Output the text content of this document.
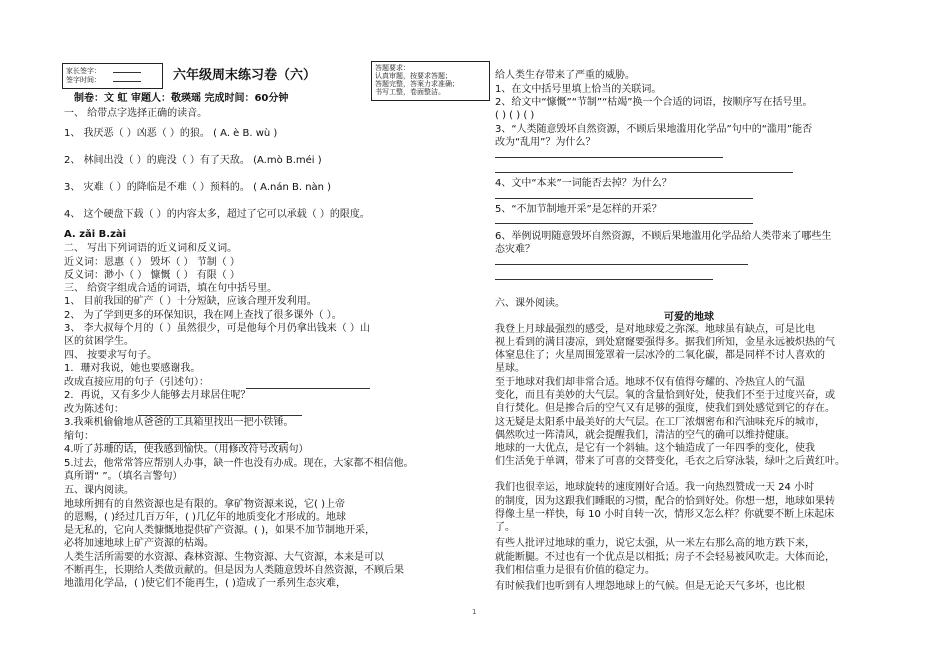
家长签字：
签字时间：	六年级周末练习卷（六）
制卷：文 虹 审题人：敬瑛瑶 完成时间：60分钟
答题要求：
认真审题，按要求答题；
答题完整，答案力求准确；
书写工整，卷面整洁。
一、 给带点字选择正确的读音。
1、 我厌恶（ ）凶恶（ ）的狼。 ( A. è B. wù )
2、 林间出没（ ）的鹿没（ ）有了天敌。 (A.mò B.méi )
3、 灾难（ ）的降临是不难（ ）预料的。 ( A.nán B. nàn )
4、 这个硬盘下载（ ）的内容太多，超过了它可以承载（ ）的限度。
A. zǎi B.zài
二、 写出下列词语的近义词和反义词。
近义词：恩惠（ ） 毁坏（ ） 节制（ ）
反义词：渺小（ ） 慷慨（ ） 有限（ ）
三、 给资字组成合适的词语，填在句中括号里。
1、 目前我国的矿产（ ）十分短缺，应该合理开发利用。
2、 为了学到更多的环保知识，我在网上查找了很多课外（ ）。
3、 李大叔每个月的（ ）虽然很少，可是他每个月仍拿出钱来（ ）山
区的贫困学生。
四、 按要求写句子。
1．珊对我说，她也要感谢我。
改成直接应用的句子（引述句）：
2．再说，又有多少人能够去月球居住呢？
改为陈述句：
3.我乘机偷偷地从爸爸的工具箱里找出一把小铁锤。
缩句：
4.听了苏珊的话，使我感到愉快。（用修改符号改病句）
5.过去，他常常答应帮别人办事，缺一件也没有办成。现在，大家都不相信他。
真所谓“ ”。（填名言警句）
五、课内阅读。
地球所拥有的自然资源也是有限的。拿矿物资源来说，它( )上帝
的恩赐，( )经过几百万年，( )几亿年的地质变化才形成的。地球
是无私的，它向人类慷慨地提供矿产资源。( )，如果不加节制地开采，
必将加速地球上矿产资源的枯竭。
人类生活所需要的水资源、森林资源、生物资源、大气资源，本来是可以
不断再生，长期给人类做贡献的。但是因为人类随意毁坏自然资源，不顾后果
地滥用化学品，( )使它们不能再生，( )造成了一系列生态灾难，
给人类生存带来了严重的威胁。
1、在文中括号里填上恰当的关联词。
2、给文中“慷慨”“节制”“枯竭”换一个合适的词语，按顺序写在括号里。
( ) ( ) ( )
3、“人类随意毁坏自然资源，不顾后果地滥用化学品”句中的“滥用”能否
改为“乱用”？为什么？
4、文中“本来”一词能否去掉？为什么？
5、“不加节制地开采”是怎样的开采？
6、举例说明随意毁坏自然资源，不顾后果地滥用化学品给人类带来了哪些生
态灾难？
六、课外阅读。
可爱的地球
我登上月球最强烈的感受，是对地球爱之弥深。地球虽有缺点，可是比电
视上看到的满目凄凉，到处窟窿要强得多。据我们所知，金星永远被炽热的气
体窒息住了；火星周围笼罩着一层冰冷的二氧化碳，都是同样不讨人喜欢的
星球。
至于地球对我们却非常合适。地球不仅有值得夸耀的、冷热宜人的气温
变化，而且有美妙的大气层。氧的含量恰到好处，使我们不至于过度兴奋，或
自行焚化。但是掺合后的空气又有足够的强度，使我们到处感觉到它的存在。
这无疑是太阳系中最美好的大气层。在工厂浓烟密布和汽油味充斥的城市，
偶然吹过一阵清风，就会提醒我们，清洁的空气的确可以维持健康。
地球的一大优点，是它有一个斜轴。这个轴造成了一年四季的变化，使我
们生活免于单调，带来了可喜的交替变化，毛衣之后穿泳装，绿叶之后黄红叶。
我们也很幸运，地球旋转的速度刚好合适。我一向热烈赞成一天 24 小时
的制度，因为这跟我们睡眠的习惯，配合的恰到好处。你想一想，地球如果转
得像土星一样快，每 10 小时自转一次，情形又怎么样？你就要不断上床起床
了。
有些人批评过地球的重力，说它太强，从一米左右那么高的地方跌下来，
就能断腿。不过也有一个优点是以相抵；房子不会轻易被风吹走。大体而论，
我们相信重力是很有价值的稳定力。
有时候我们也听到有人埋怨地球上的气候。但是无论天气多坏，也比根
1
